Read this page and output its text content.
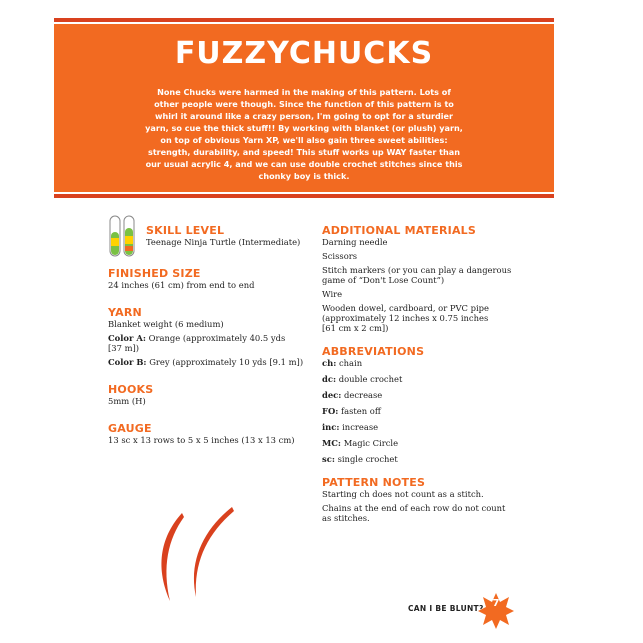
FUZZYCHUCKS

None Chucks were harmed in the making of this pattern. Lots of other people were though. Since the function of this pattern is to whirl it around like a crazy person, I'm going to opt for a sturdier yarn, so cue the thick stuff!! By working with blanket (or plush) yarn, on top of obvious Yarn XP, we'll also gain three sweet abilities: strength, durability, and speed! This stuff works up WAY faster than our usual acrylic 4, and we can use double crochet stitches since this chonky boy is thick.

SKILL LEVEL

Teenage Ninja Turtle (Intermediate)

FINISHED SIZE

24 inches (61 cm) from end to end

YARN

Blanket weight (6 medium)

Color A: Orange (approximately 40.5 yds

[37 m])

Color B: Grey (approximately 10 yds [9.1 m])

HOOKS

5mm (H)

GAUGE

13 sc x 13 rows to 5 x 5 inches (13 x 13 cm)

ADDITIONAL MATERIALS

Darning needle

Scissors

Stitch markers (or you can play a dangerous

game of “Don't Lose Count”)

Wire

Wooden dowel, cardboard, or PVC pipe

(approximately 12 inches x 0.75 inches

[61 cm x 2 cm])

ABBREVIATIONS

ch: chain

dc: double crochet

dec: decrease

FO: fasten off

inc: increase

MC: Magic Circle

sc: single crochet

PATTERN NOTES

Starting ch does not count as a stitch.

Chains at the end of each row do not count

as stitches.

CAN I BE BLUNT? 7
